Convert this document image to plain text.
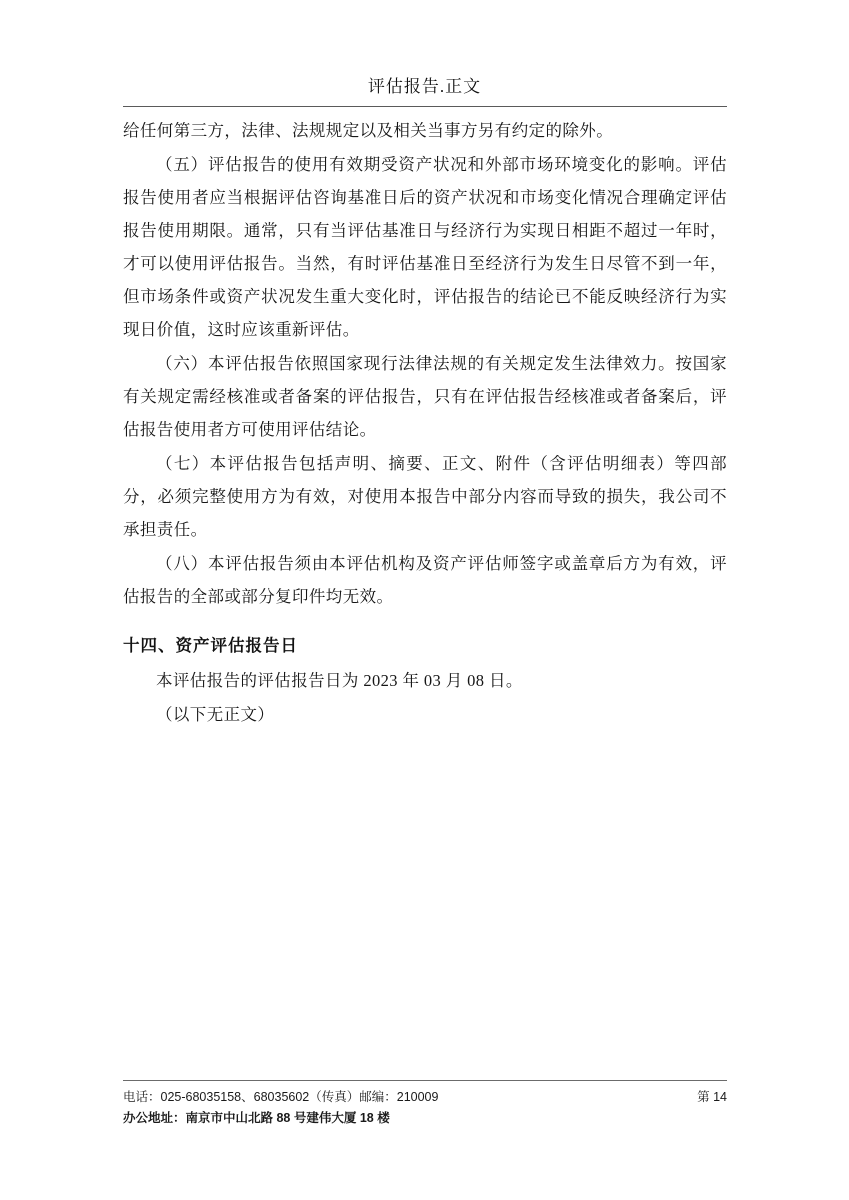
评估报告.正文

给任何第三方，法律、法规规定以及相关当事方另有约定的除外。

（五）评估报告的使用有效期受资产状况和外部市场环境变化的影响。评估报告使用者应当根据评估咨询基准日后的资产状况和市场变化情况合理确定评估报告使用期限。通常，只有当评估基准日与经济行为实现日相距不超过一年时，才可以使用评估报告。当然，有时评估基准日至经济行为发生日尽管不到一年，但市场条件或资产状况发生重大变化时，评估报告的结论已不能反映经济行为实现日价值，这时应该重新评估。

（六）本评估报告依照国家现行法律法规的有关规定发生法律效力。按国家有关规定需经核准或者备案的评估报告，只有在评估报告经核准或者备案后，评估报告使用者方可使用评估结论。

（七）本评估报告包括声明、摘要、正文、附件（含评估明细表）等四部分，必须完整使用方为有效，对使用本报告中部分内容而导致的损失，我公司不承担责任。

（八）本评估报告须由本评估机构及资产评估师签字或盖章后方为有效，评估报告的全部或部分复印件均无效。

十四、资产评估报告日

本评估报告的评估报告日为 2023 年 03 月 08 日。

（以下无正文）

电话：025-68035158、68035602（传真）邮编：210009	第 14
办公地址：南京市中山北路 88 号建伟大厦 18 楼
